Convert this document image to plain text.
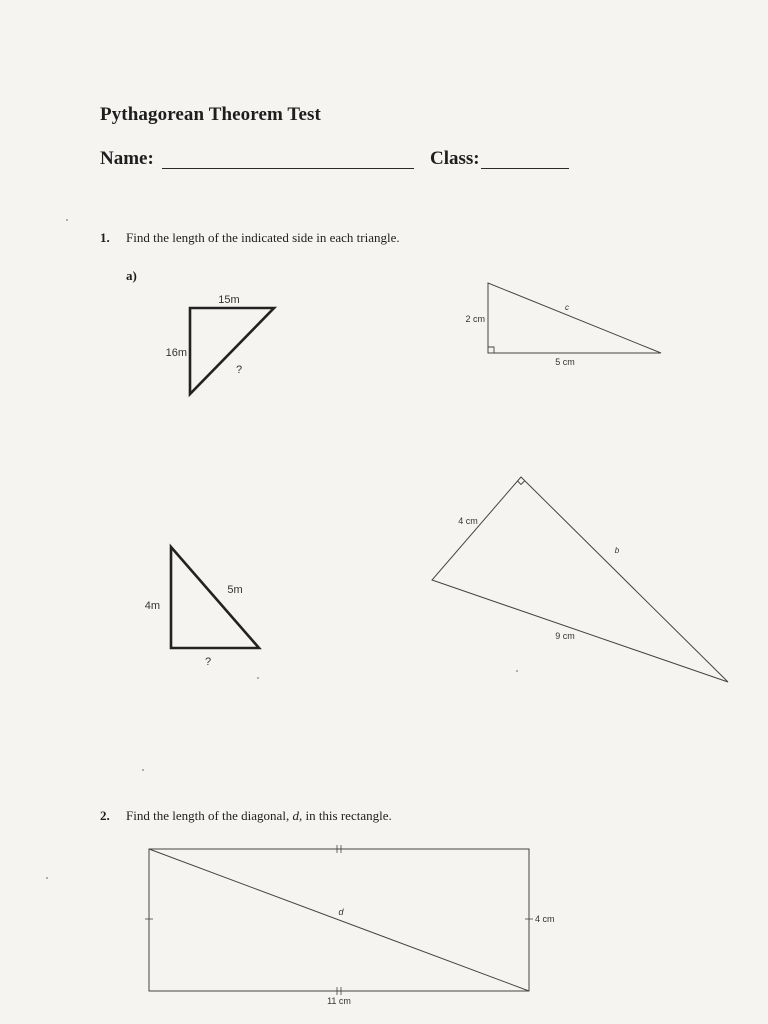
Pythagorean Theorem Test
Name:	Class:
1. Find the length of the indicated side in each triangle.
a)
2. Find the length of the diagonal, d, in this rectangle.
15m
16m
?
2 cm
5 cm
c
4m
5m
?
4 cm
9 cm
b
d
4 cm
11 cm
